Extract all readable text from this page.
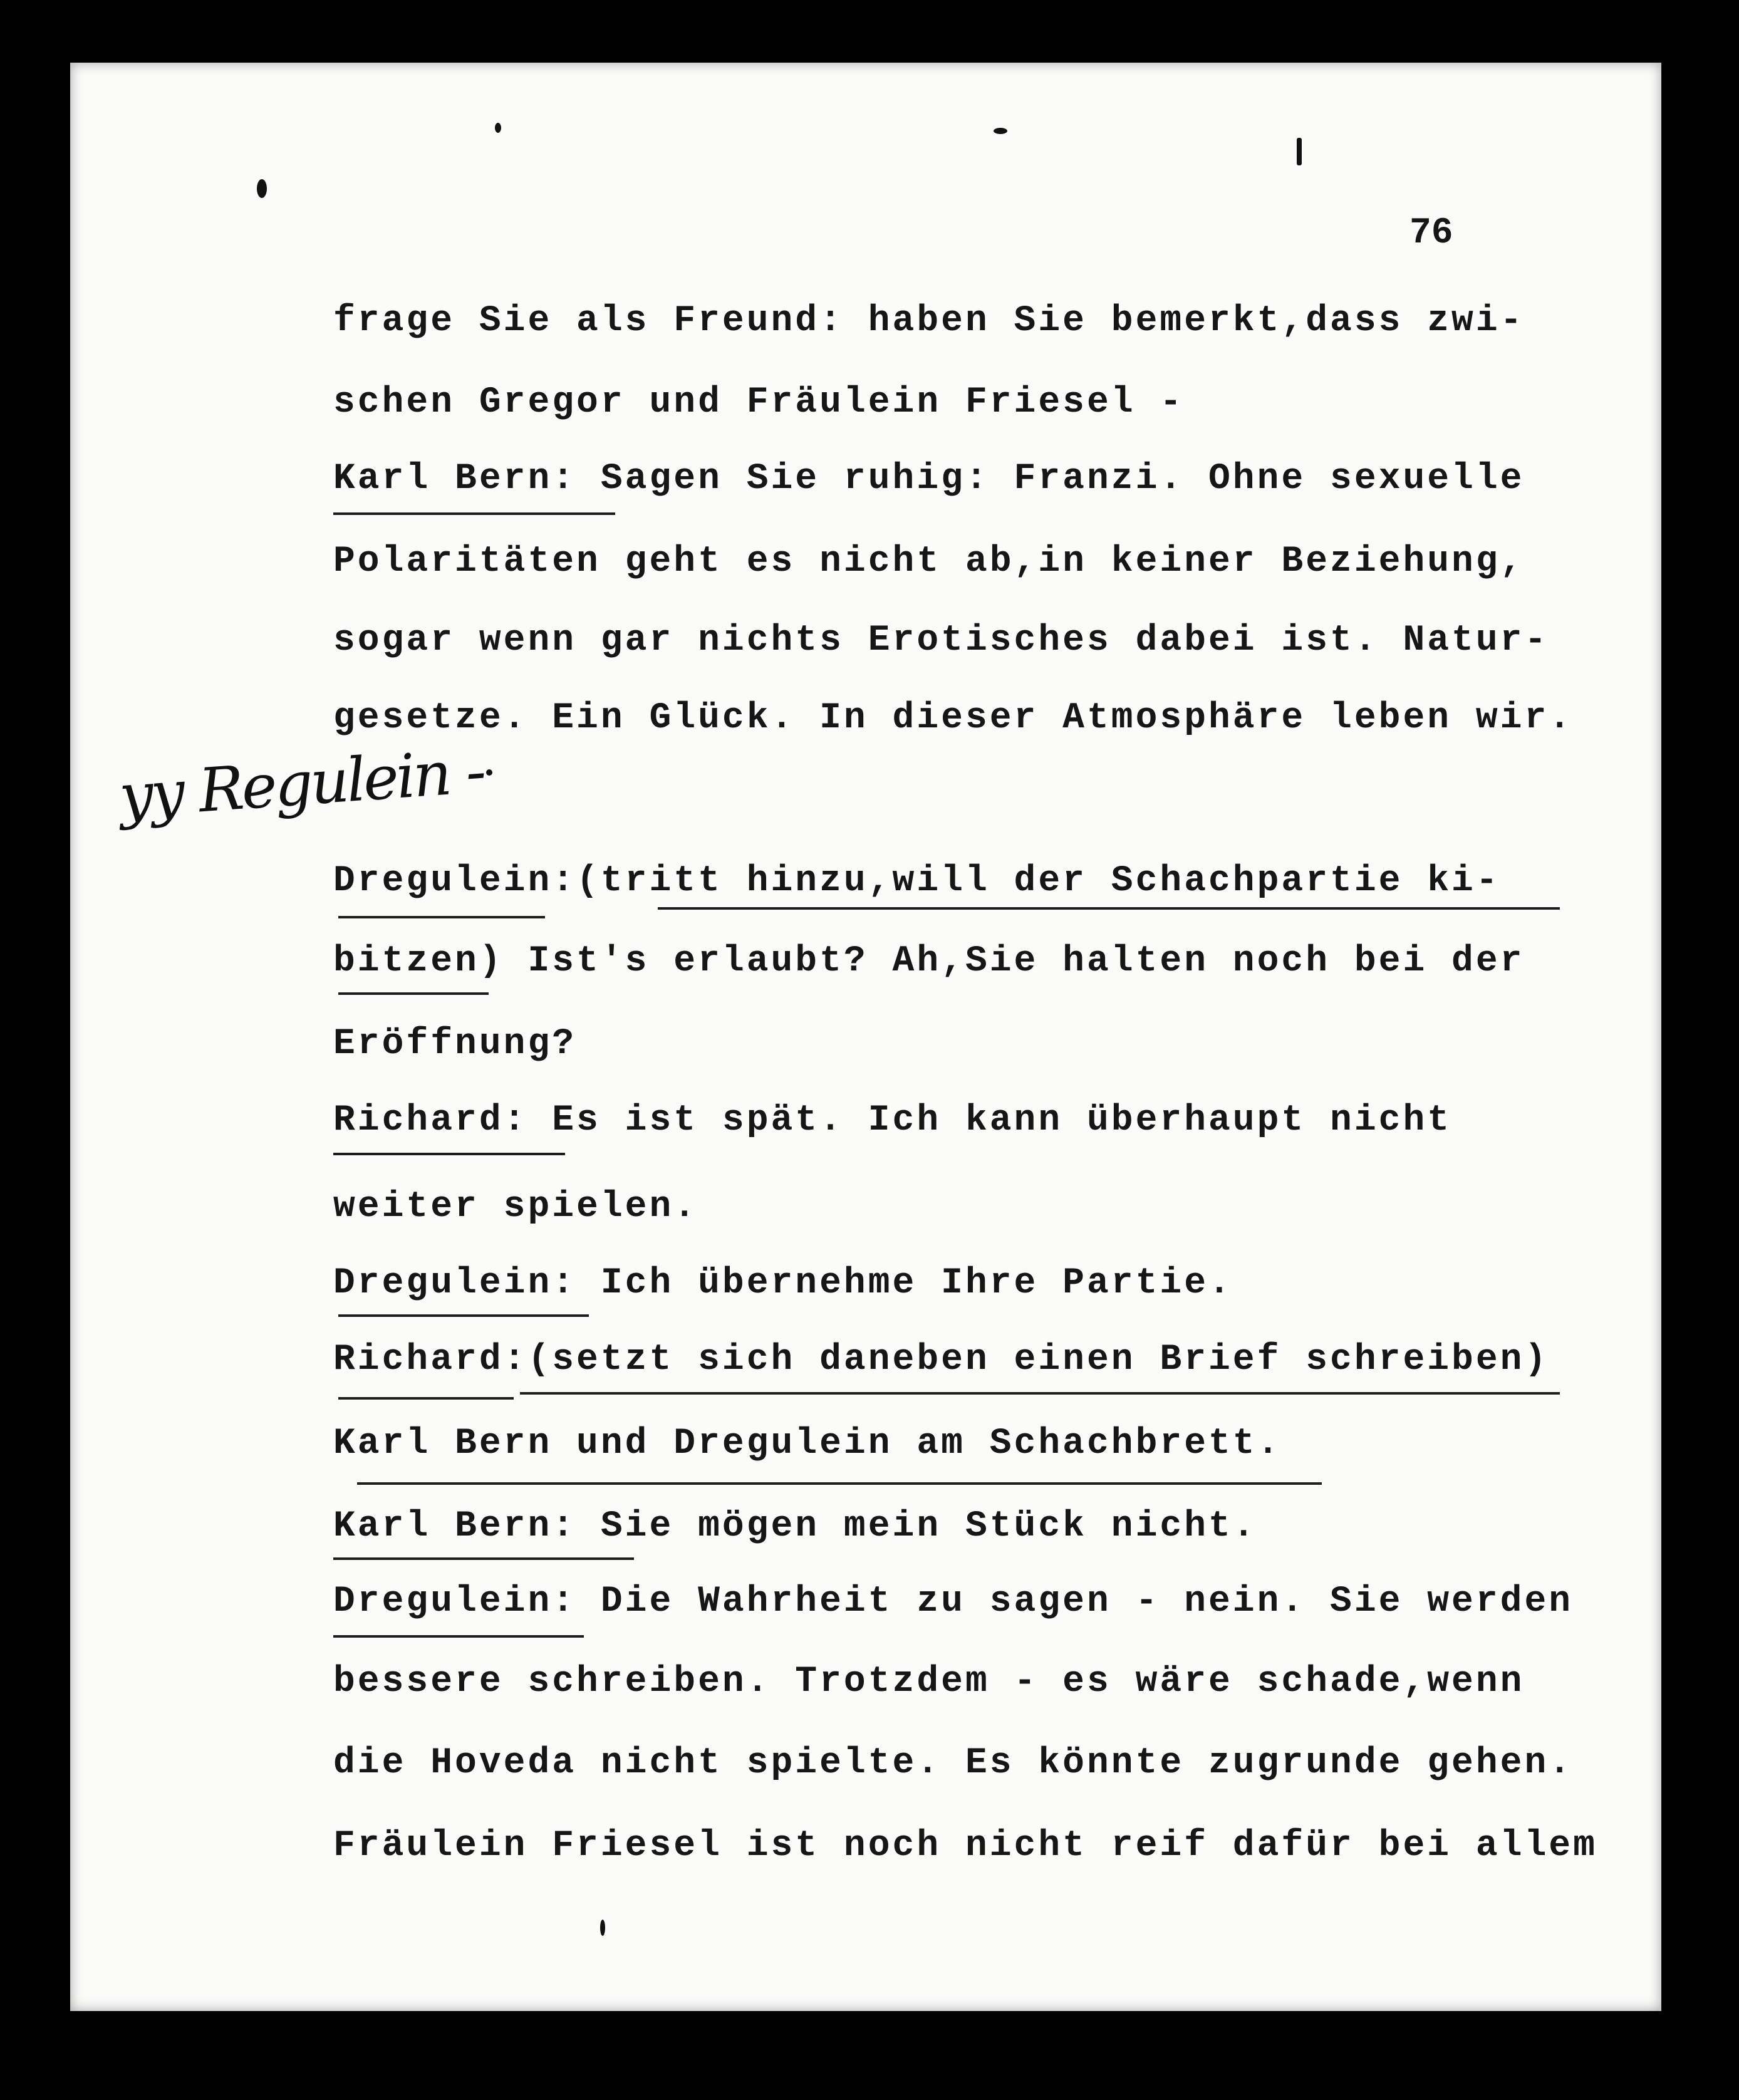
76
yy Regulein -
frage Sie als Freund: haben Sie bemerkt,dass zwi-
schen Gregor und Fräulein Friesel -
Karl Bern: Sagen Sie ruhig: Franzi. Ohne sexuelle
Polaritäten geht es nicht ab,in keiner Beziehung,
sogar wenn gar nichts Erotisches dabei ist. Natur-
gesetze. Ein Glück. In dieser Atmosphäre leben wir.
Dregulein:(tritt hinzu,will der Schachpartie ki-
bitzen) Ist's erlaubt? Ah,Sie halten noch bei der
Eröffnung?
Richard: Es ist spät. Ich kann überhaupt nicht
weiter spielen.
Dregulein: Ich übernehme Ihre Partie.
Richard:(setzt sich daneben einen Brief schreiben)
Karl Bern und Dregulein am Schachbrett.
Karl Bern: Sie mögen mein Stück nicht.
Dregulein: Die Wahrheit zu sagen - nein. Sie werden
bessere schreiben. Trotzdem - es wäre schade,wenn
die Hoveda nicht spielte. Es könnte zugrunde gehen.
Fräulein Friesel ist noch nicht reif dafür bei allem
